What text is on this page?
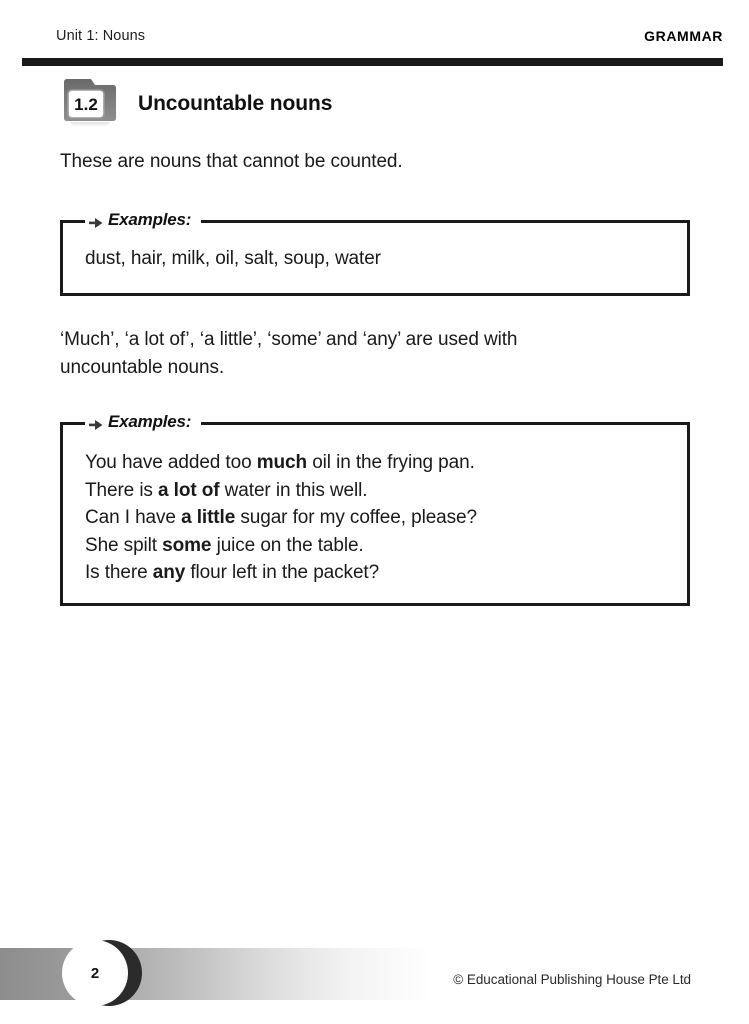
Unit 1: Nouns	GRAMMAR
1.2 Uncountable nouns
These are nouns that cannot be counted.
Examples:
dust, hair, milk, oil, salt, soup, water
‘Much’, ‘a lot of’, ‘a little’, ‘some’ and ‘any’ are used with
uncountable nouns.
Examples:
You have added too much oil in the frying pan.
There is a lot of water in this well.
Can I have a little sugar for my coffee, please?
She spilt some juice on the table.
Is there any flour left in the packet?
2	© Educational Publishing House Pte Ltd
